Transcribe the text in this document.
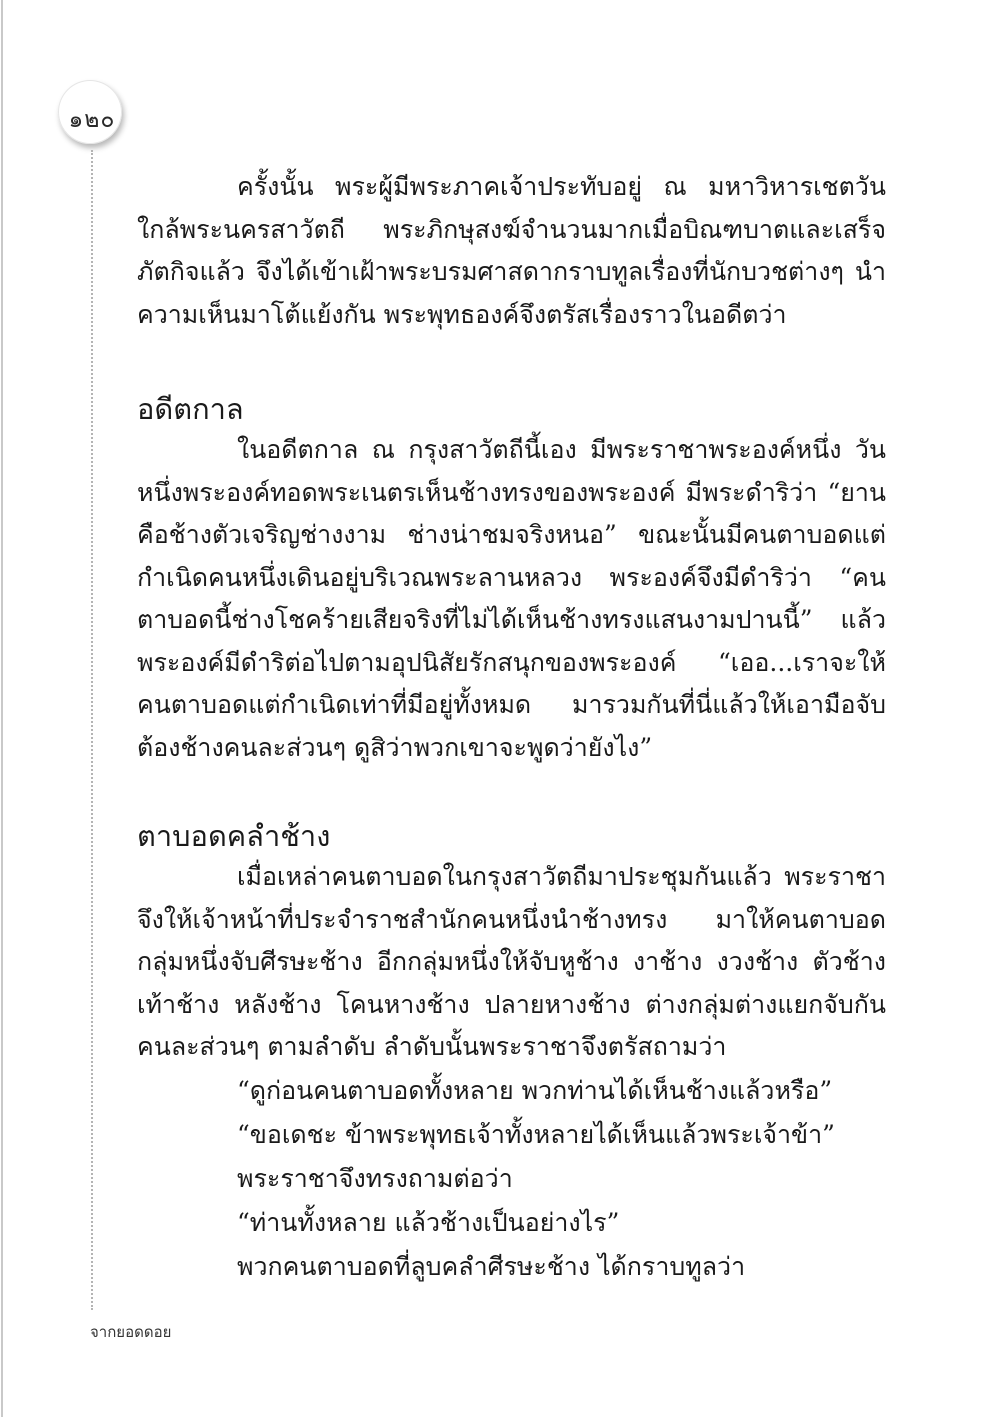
๑๒๐

ครั้งนั้น พระผู้มีพระภาคเจ้าประทับอยู่ ณ มหาวิหารเชตวันใกล้พระนครสาวัตถี พระภิกษุสงฆ์จำนวนมากเมื่อบิณฑบาตและเสร็จภัตกิจแล้ว จึงได้เข้าเฝ้าพระบรมศาสดากราบทูลเรื่องที่นักบวชต่างๆ นำความเห็นมาโต้แย้งกัน พระพุทธองค์จึงตรัสเรื่องราวในอดีตว่า

อดีตกาล

ในอดีตกาล ณ กรุงสาวัตถีนี้เอง มีพระราชาพระองค์หนึ่ง วันหนึ่งพระองค์ทอดพระเนตรเห็นช้างทรงของพระองค์ มีพระดำริว่า “ยานคือช้างตัวเจริญช่างงาม ช่างน่าชมจริงหนอ” ขณะนั้นมีคนตาบอดแต่กำเนิดคนหนึ่งเดินอยู่บริเวณพระลานหลวง พระองค์จึงมีดำริว่า “คนตาบอดนี้ช่างโชคร้ายเสียจริงที่ไม่ได้เห็นช้างทรงแสนงามปานนี้” แล้วพระองค์มีดำริต่อไปตามอุปนิสัยรักสนุกของพระองค์ “เออ...เราจะให้คนตาบอดแต่กำเนิดเท่าที่มีอยู่ทั้งหมด มารวมกันที่นี่แล้วให้เอามือจับต้องช้างคนละส่วนๆ ดูสิว่าพวกเขาจะพูดว่ายังไง”

ตาบอดคลำช้าง

เมื่อเหล่าคนตาบอดในกรุงสาวัตถีมาประชุมกันแล้ว พระราชาจึงให้เจ้าหน้าที่ประจำราชสำนักคนหนึ่งนำช้างทรง มาให้คนตาบอดกลุ่มหนึ่งจับศีรษะช้าง อีกกลุ่มหนึ่งให้จับหูช้าง งาช้าง งวงช้าง ตัวช้าง เท้าช้าง หลังช้าง โคนหางช้าง ปลายหางช้าง ต่างกลุ่มต่างแยกจับกันคนละส่วนๆ ตามลำดับ ลำดับนั้นพระราชาจึงตรัสถามว่า

“ดูก่อนคนตาบอดทั้งหลาย พวกท่านได้เห็นช้างแล้วหรือ”

“ขอเดชะ ข้าพระพุทธเจ้าทั้งหลายได้เห็นแล้วพระเจ้าข้า”

พระราชาจึงทรงถามต่อว่า

“ท่านทั้งหลาย แล้วช้างเป็นอย่างไร”

พวกคนตาบอดที่ลูบคลำศีรษะช้าง ได้กราบทูลว่า

จากยอดดอย
